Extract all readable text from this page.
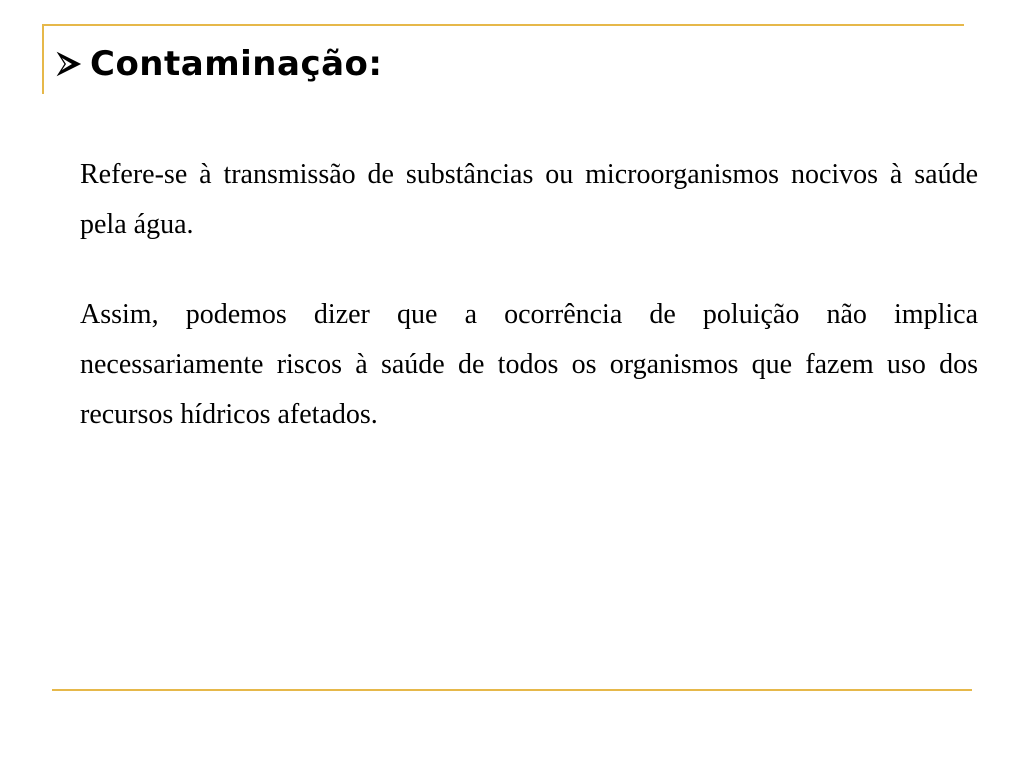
Contaminação:

Refere-se à transmissão de substâncias ou microorganismos nocivos à saúde pela água.

Assim, podemos dizer que a ocorrência de poluição não implica necessariamente riscos à saúde de todos os organismos que fazem uso dos recursos hídricos afetados.
